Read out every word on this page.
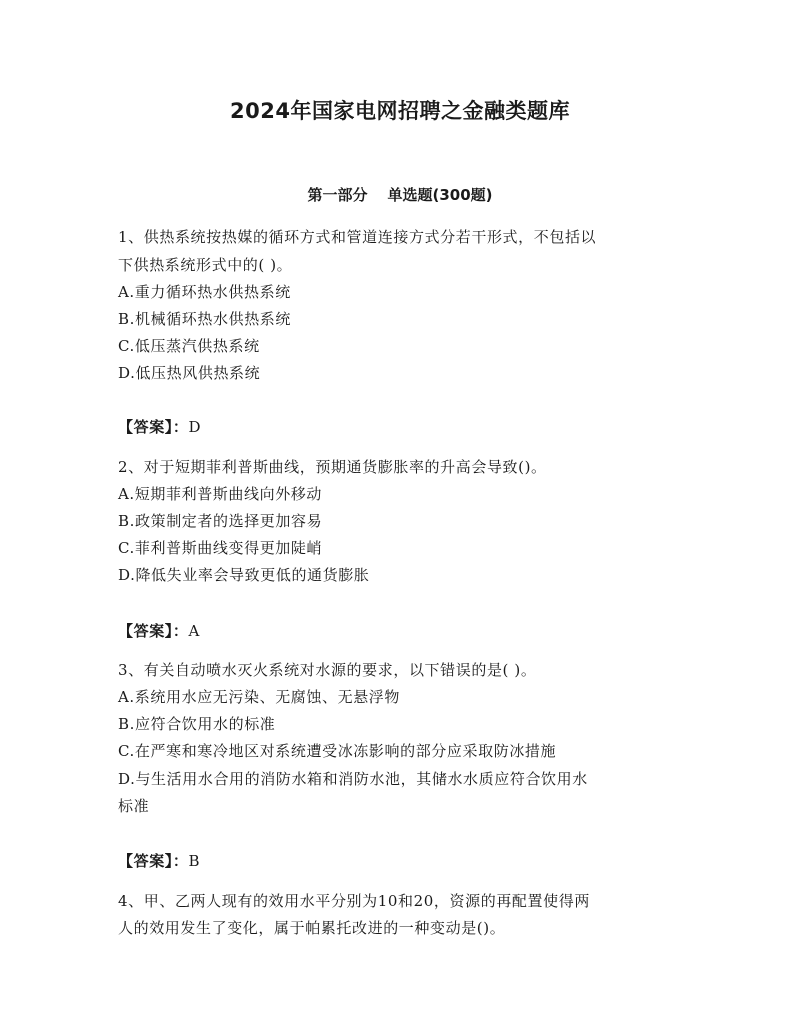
2024年国家电网招聘之金融类题库
第一部分 单选题(300题)
1、供热系统按热媒的循环方式和管道连接方式分若干形式，不包括以
下供热系统形式中的( )。
A.重力循环热水供热系统
B.机械循环热水供热系统
C.低压蒸汽供热系统
D.低压热风供热系统
【答案】：D
2、对于短期菲利普斯曲线，预期通货膨胀率的升高会导致()。
A.短期菲利普斯曲线向外移动
B.政策制定者的选择更加容易
C.菲利普斯曲线变得更加陡峭
D.降低失业率会导致更低的通货膨胀
【答案】：A
3、有关自动喷水灭火系统对水源的要求，以下错误的是( )。
A.系统用水应无污染、无腐蚀、无悬浮物
B.应符合饮用水的标准
C.在严寒和寒冷地区对系统遭受冰冻影响的部分应采取防冰措施
D.与生活用水合用的消防水箱和消防水池，其储水水质应符合饮用水
标准
【答案】：B
4、甲、乙两人现有的效用水平分别为10和20，资源的再配置使得两
人的效用发生了变化，属于帕累托改进的一种变动是()。
